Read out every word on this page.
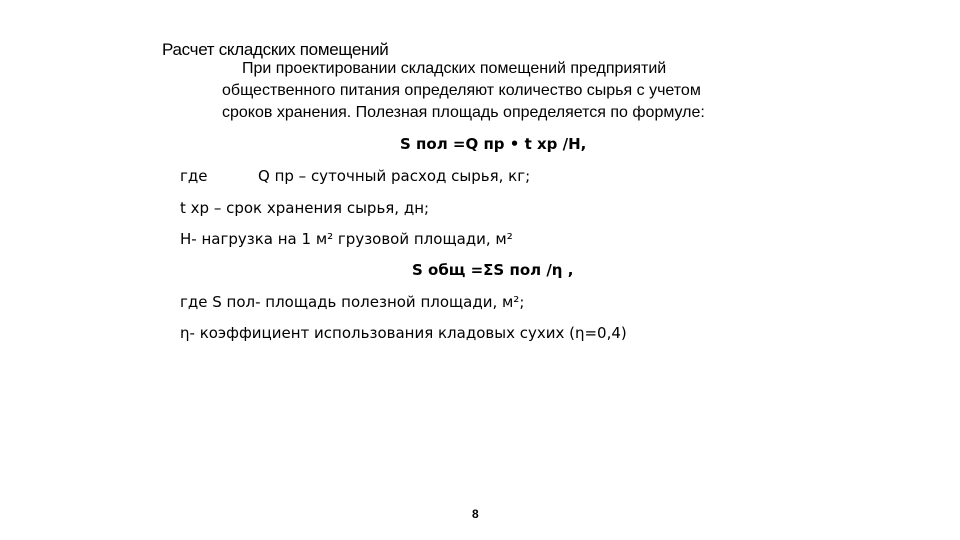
Расчет складских помещений
При проектировании складских помещений предприятий
общественного питания определяют количество сырья с учетом
сроков хранения. Полезная площадь определяется по формуле:
S пол =Q пр • t хр /Н,
где	Q пр – суточный расход сырья, кг;
t хр – срок хранения сырья, дн;
Н- нагрузка на 1 м² грузовой площади, м²
S общ =ΣS пол /η ,
где S пол- площадь полезной площади, м²;
η- коэффициент использования кладовых сухих (η=0,4)
8
